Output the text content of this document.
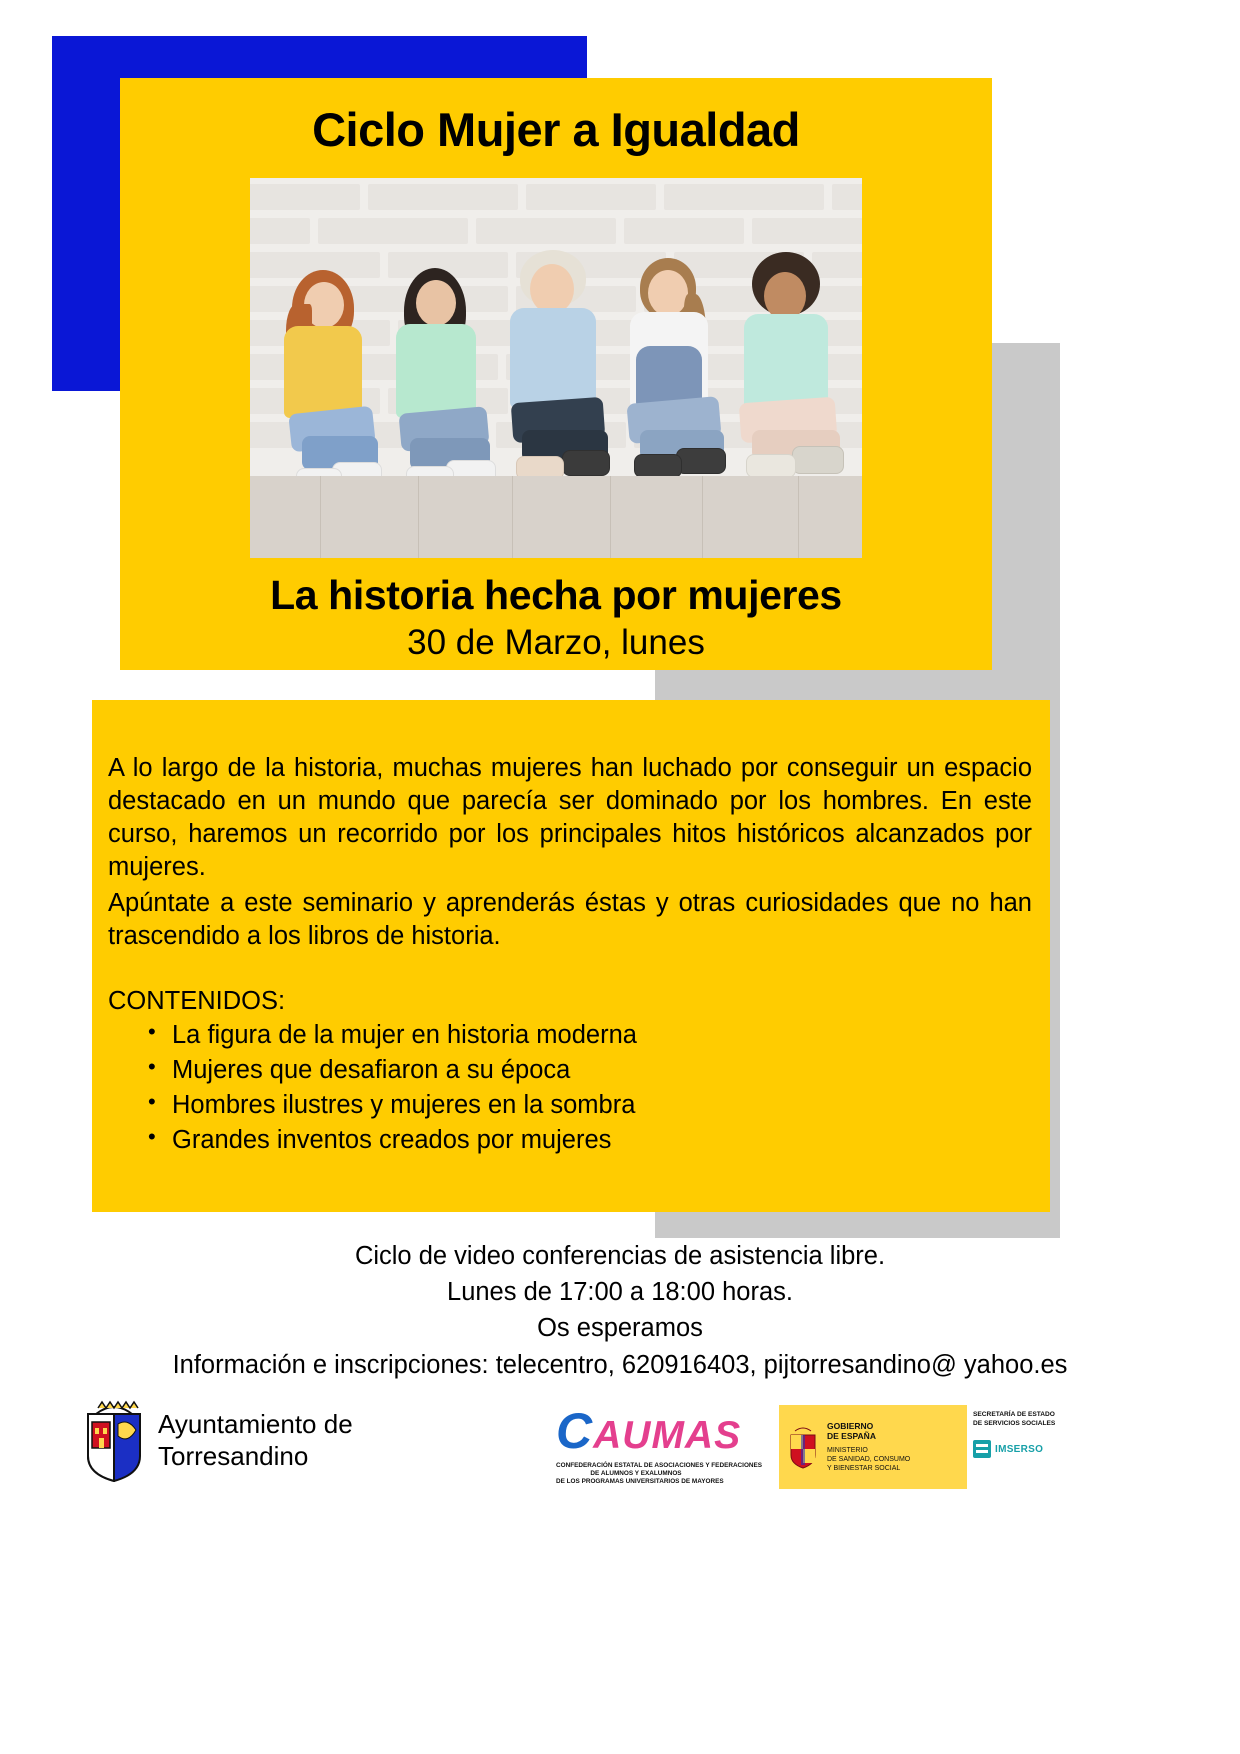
Ciclo Mujer a Igualdad

La historia hecha por mujeres

30 de Marzo, lunes

A lo largo de la historia, muchas mujeres han luchado por conseguir un espacio destacado en un mundo que parecía ser dominado por los hombres. En este curso, haremos un recorrido por los principales hitos históricos alcanzados por mujeres.

Apúntate a este seminario y aprenderás éstas y otras curiosidades que no han trascendido a los libros de historia.

CONTENIDOS:

• La figura de la mujer en historia moderna
• Mujeres que desafiaron a su época
• Hombres ilustres y mujeres en la sombra
• Grandes inventos creados por mujeres
Ciclo de video conferencias de asistencia libre.
Lunes de 17:00 a 18:00 horas.
Os esperamos
Información e inscripciones: telecentro, 620916403, pijtorresandino@ yahoo.es
Ayuntamiento de
Torresandino	CAUMAS
CONFEDERACIÓN ESTATAL DE ASOCIACIONES Y FEDERACIONES
DE ALUMNOS Y EXALUMNOS
DE LOS PROGRAMAS UNIVERSITARIOS DE MAYORES
GOBIERNO
DE ESPAÑA
MINISTERIO
DE SANIDAD, CONSUMO
Y BIENESTAR SOCIAL
SECRETARÍA DE ESTADO
DE SERVICIOS SOCIALES
IMSERSO
